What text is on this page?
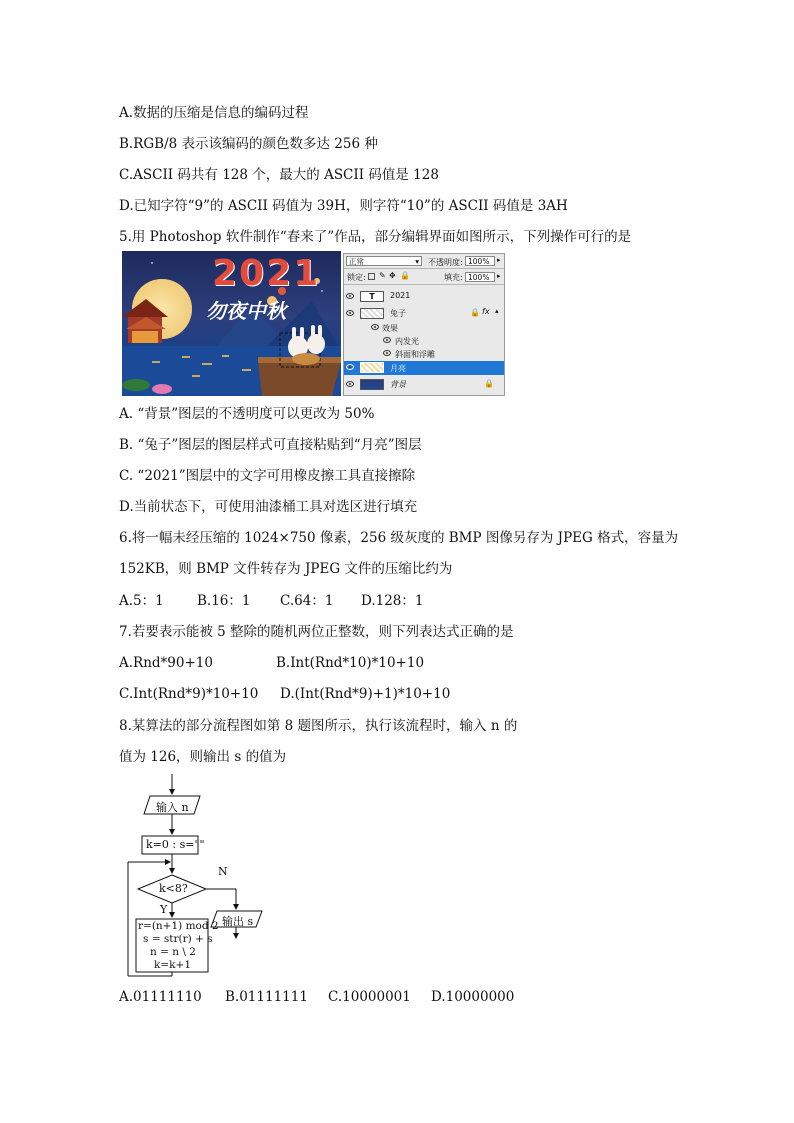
A.数据的压缩是信息的编码过程
B.RGB/8 表示该编码的颜色数多达 256 种
C.ASCII 码共有 128 个，最大的 ASCII 码值是 128
D.已知字符“9”的 ASCII 码值为 39H，则字符“10”的 ASCII 码值是 3AH
5.用 Photoshop 软件制作“春来了”作品，部分编辑界面如图所示，下列操作可行的是
2021
勿夜中秋
正常	▾ 不透明度: 100%	▸
锁定: ✎ ✥ 🔒	填充: 100%	▸
T	2021
兔子	🔒 fx ▴
效果
内发光
斜面和浮雕
月亮
背景	🔒
A. “背景”图层的不透明度可以更改为 50%
B. “兔子”图层的图层样式可直接粘贴到“月亮”图层
C. “2021”图层中的文字可用橡皮擦工具直接擦除
D.当前状态下，可使用油漆桶工具对选区进行填充
6.将一幅未经压缩的 1024×750 像素，256 级灰度的 BMP 图像另存为 JPEG 格式，容量为
152KB，则 BMP 文件转存为 JPEG 文件的压缩比约为
A.5：1 B.16：1 C.64：1 D.128：1
7.若要表示能被 5 整除的随机两位正整数，则下列表达式正确的是
A.Rnd*90+10	B.Int(Rnd*10)*10+10
C.Int(Rnd*9)*10+10 D.(Int(Rnd*9)+1)*10+10
8.某算法的部分流程图如第 8 题图所示，执行该流程时，输入 n 的
值为 126，则输出 s 的值为
输入 n
k=0 : s=""
k<8?
Y
N
输出 s
r=(n+1) mod 2
s = str(r) + s
n = n \ 2
k=k+1
A.01111110 B.01111111 C.10000001 D.10000000
